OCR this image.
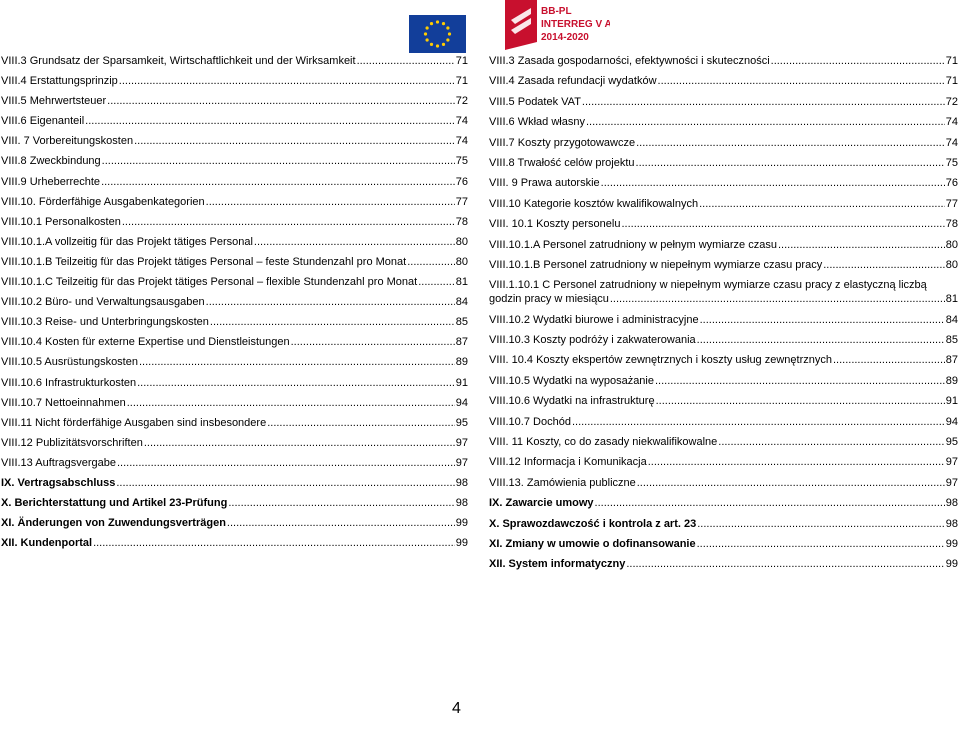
BB-PL
INTERREG V A
2014-2020
VIII.3 Grundsatz der Sparsamkeit, Wirtschaftlichkeit und der Wirksamkeit .....	71
VIII.4 Erstattungsprinzip .....	71
VIII.5 Mehrwertsteuer .....	72
VIII.6 Eigenanteil .....	74
VIII. 7 Vorbereitungskosten .....	74
VIII.8 Zweckbindung .....	75
VIII.9 Urheberrechte .....	76
VIII.10. Förderfähige Ausgabenkategorien .....	77
VIII.10.1 Personalkosten .....	78
VIII.10.1.A vollzeitig für das Projekt tätiges Personal .....	80
VIII.10.1.B Teilzeitig für das Projekt tätiges Personal – feste Stundenzahl pro Monat .....	80
VIII.10.1.C Teilzeitig für das Projekt tätiges Personal – flexible Stundenzahl pro Monat .....	81
VIII.10.2 Büro- und Verwaltungsausgaben .....	84
VIII.10.3 Reise- und Unterbringungskosten .....	85
VIII.10.4 Kosten für externe Expertise und Dienstleistungen .....	87
VIII.10.5 Ausrüstungskosten .....	89
VIII.10.6 Infrastrukturkosten .....	91
VIII.10.7 Nettoeinnahmen .....	94
VIII.11 Nicht förderfähige Ausgaben sind insbesondere .....	95
VIII.12 Publizitätsvorschriften .....	97
VIII.13 Auftragsvergabe .....	97
IX. Vertragsabschluss .....	98
X. Berichterstattung und Artikel 23-Prüfung .....	98
XI. Änderungen von Zuwendungsverträgen .....	99
XII. Kundenportal .....	99
VIII.3 Zasada gospodarności, efektywności i skuteczności .....	71
VIII.4 Zasada refundacji wydatków .....	71
VIII.5 Podatek VAT .....	72
VIII.6 Wkład własny .....	74
VIII.7 Koszty przygotowawcze .....	74
VIII.8 Trwałość celów projektu .....	75
VIII. 9 Prawa autorskie .....	76
VIII.10 Kategorie kosztów kwalifikowalnych .....	77
VIII. 10.1 Koszty personelu .....	78
VIII.10.1.A Personel zatrudniony w pełnym wymiarze czasu .....	80
VIII.10.1.B Personel zatrudniony w niepełnym wymiarze czasu pracy .....	80
VIII.1.10.1 C Personel zatrudniony w niepełnym wymiarze czasu pracy z elastyczną liczbą
godzin pracy w miesiącu .....	81
VIII.10.2 Wydatki biurowe i administracyjne .....	84
VIII.10.3 Koszty podróży i zakwaterowania .....	85
VIII. 10.4 Koszty ekspertów zewnętrznych i koszty usług zewnętrznych .....	87
VIII.10.5 Wydatki na wyposażanie .....	89
VIII.10.6 Wydatki na infrastrukturę .....	91
VIII.10.7 Dochód .....	94
VIII. 11 Koszty, co do zasady niekwalifikowalne .....	95
VIII.12 Informacja i Komunikacja .....	97
VIII.13. Zamówienia publiczne .....	97
IX. Zawarcie umowy .....	98
X. Sprawozdawczość i kontrola z art. 23 .....	98
XI. Zmiany w umowie o dofinansowanie .....	99
XII. System informatyczny .....	99
4
